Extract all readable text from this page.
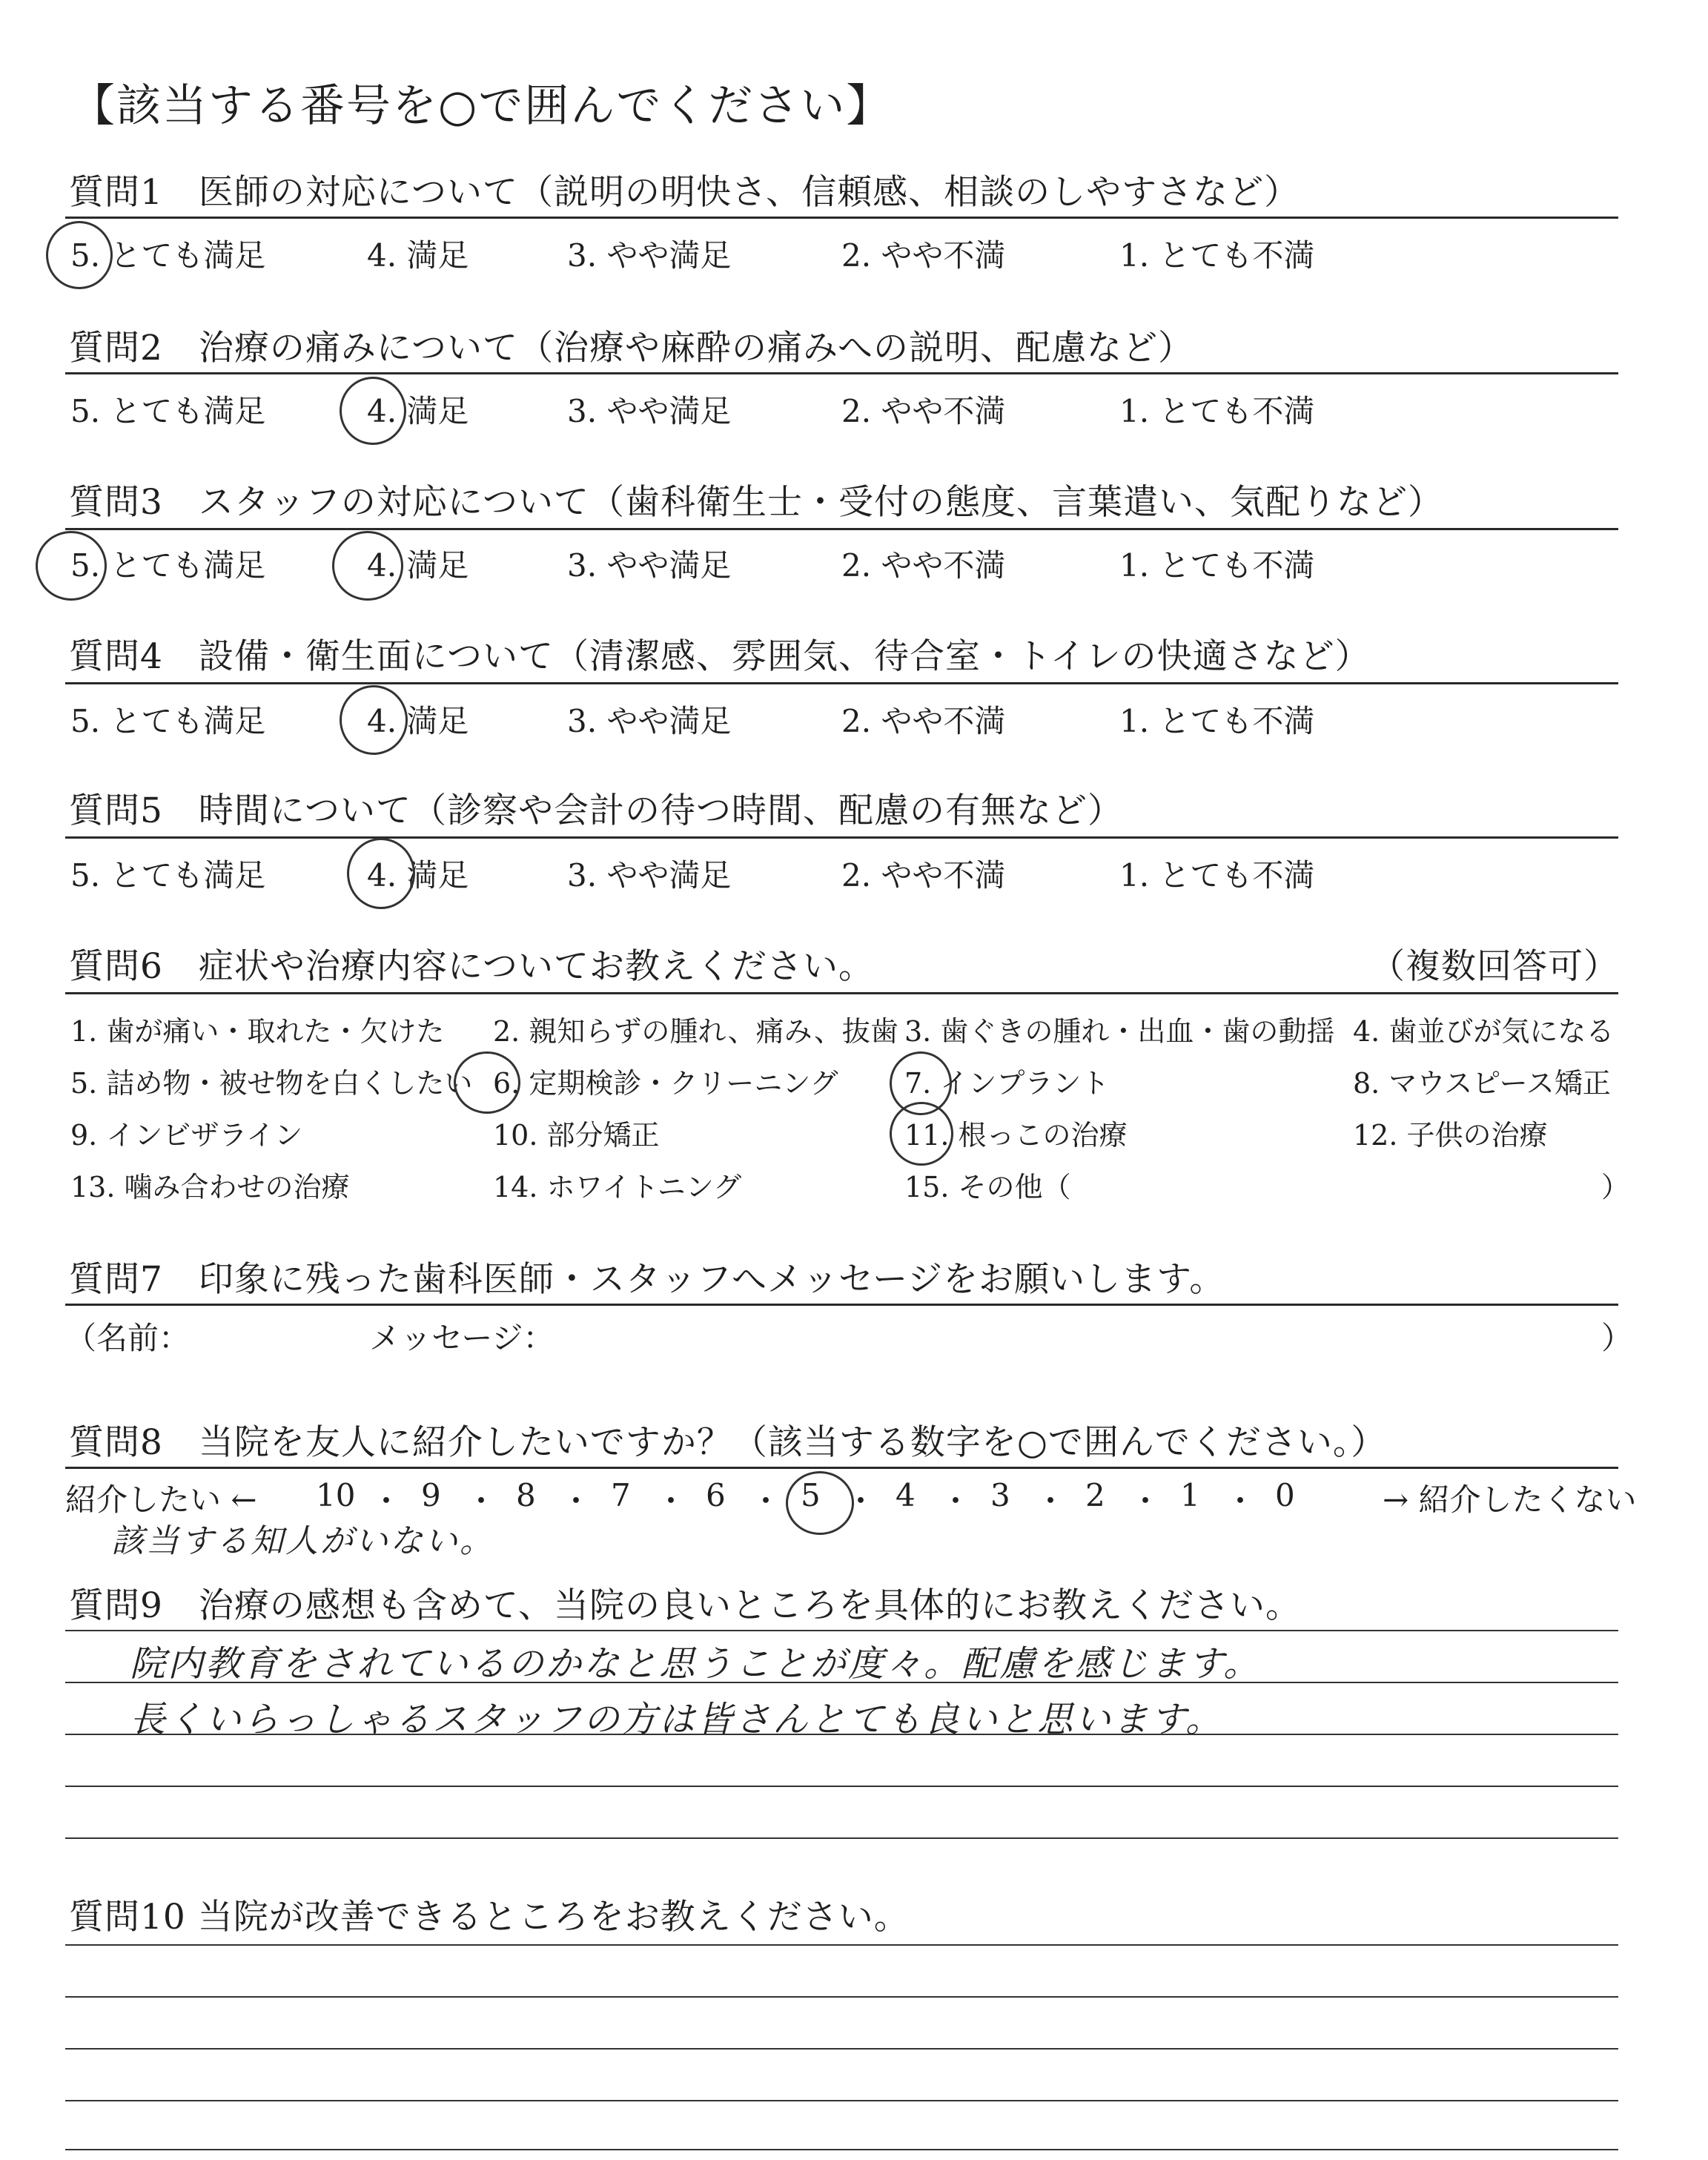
【該当する番号を○で囲んでください】
質問1　医師の対応について（説明の明快さ、信頼感、相談のしやすさなど）
5. とても満足	4. 満足	3. やや満足	2. やや不満	1. とても不満
質問2　治療の痛みについて（治療や麻酔の痛みへの説明、配慮など）
5. とても満足	4. 満足	3. やや満足	2. やや不満	1. とても不満
質問3　スタッフの対応について（歯科衛生士・受付の態度、言葉遣い、気配りなど）
5. とても満足	4. 満足	3. やや満足	2. やや不満	1. とても不満
質問4　設備・衛生面について（清潔感、雰囲気、待合室・トイレの快適さなど）
5. とても満足	4. 満足	3. やや満足	2. やや不満	1. とても不満
質問5　時間について（診察や会計の待つ時間、配慮の有無など）
5. とても満足	4. 満足	3. やや満足	2. やや不満	1. とても不満
質問6　症状や治療内容についてお教えください。	（複数回答可）
1. 歯が痛い・取れた・欠けた 2. 親知らずの腫れ、痛み、抜歯 3. 歯ぐきの腫れ・出血・歯の動揺 4. 歯並びが気になる
5. 詰め物・被せ物を白くしたい 6. 定期検診・クリーニング 7. インプラント	8. マウスピース矯正
9. インビザライン	10. 部分矯正	11. 根っこの治療	12. 子供の治療
13. 噛み合わせの治療	14. ホワイトニング	15. その他（	）
質問7　印象に残った歯科医師・スタッフへメッセージをお願いします。
（名前：	メッセージ：	）
質問8　当院を友人に紹介したいですか？（該当する数字を○で囲んでください。）
紹介したい ←	→ 紹介したくない
10 ・ 9 ・ 8 ・ 7 ・ 6 ・ 5 ・ 4 ・ 3 ・ 2 ・ 1 ・ 0
該当する知人がいない。
質問9　治療の感想も含めて、当院の良いところを具体的にお教えください。
院内教育をされているのかなと思うことが度々。配慮を感じます。
長くいらっしゃるスタッフの方は皆さんとても良いと思います。
質問10 当院が改善できるところをお教えください。
